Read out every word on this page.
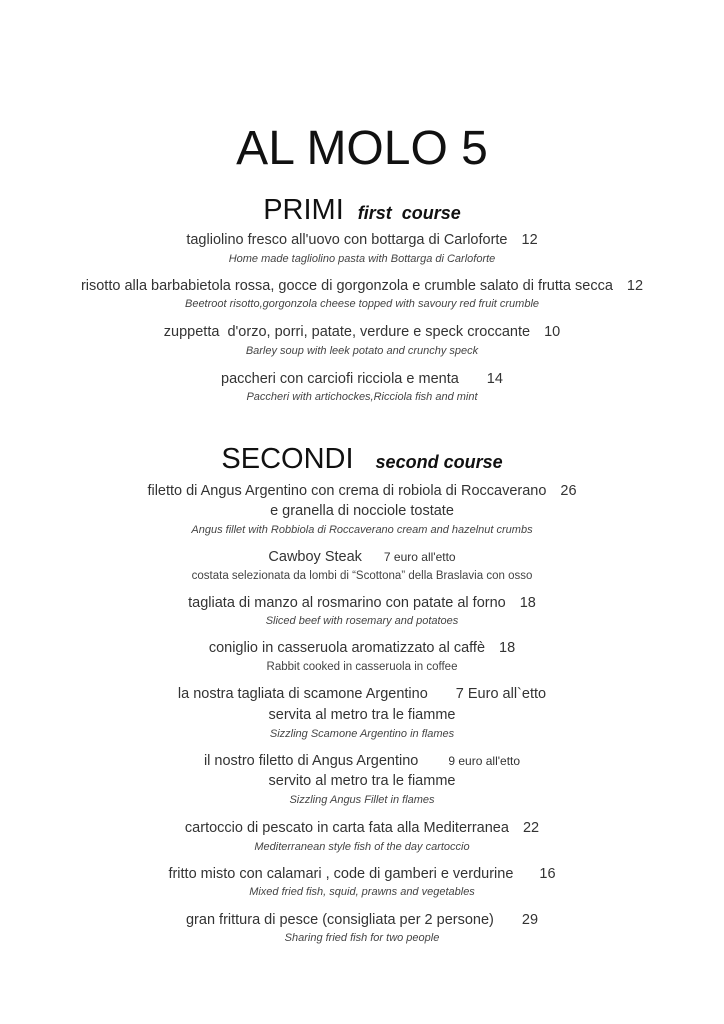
AL MOLO 5
PRIMI first  course
tagliolino fresco all'uovo con bottarga di Carloforte 12
Home made tagliolino pasta with Bottarga di Carloforte
risotto alla barbabietola rossa, gocce di gorgonzola e crumble salato di frutta secca 12
Beetroot risotto,gorgonzola cheese topped with savoury red fruit crumble
zuppetta  d'orzo, porri, patate, verdure e speck croccante 10
Barley soup with leek potato and crunchy speck
paccheri con carciofi ricciola e menta 14
Paccheri with artichockes,Ricciola fish and mint
SECONDI second course
filetto di Angus Argentino con crema di robiola di Roccaverano 26
e granella di nocciole tostate
Angus fillet with Robbiola di Roccaverano cream and hazelnut crumbs
Cawboy Steak 7 euro all'etto
costata selezionata da lombi di “Scottona” della Braslavia con osso
tagliata di manzo al rosmarino con patate al forno 18
Sliced beef with rosemary and potatoes
coniglio in casseruola aromatizzato al caffè 18
Rabbit cooked in casseruola in coffee
la nostra tagliata di scamone Argentino 7 Euro all`etto
servita al metro tra le fiamme
Sizzling Scamone Argentino in flames
il nostro filetto di Angus Argentino	9 euro all'etto
servito al metro tra le fiamme
Sizzling Angus Fillet in flames
cartoccio di pescato in carta fata alla Mediterranea 22
Mediterranean style fish of the day cartoccio
fritto misto con calamari , code di gamberi e verdurine 16
Mixed fried fish, squid, prawns and vegetables
gran frittura di pesce (consigliata per 2 persone) 29
Sharing fried fish for two people
